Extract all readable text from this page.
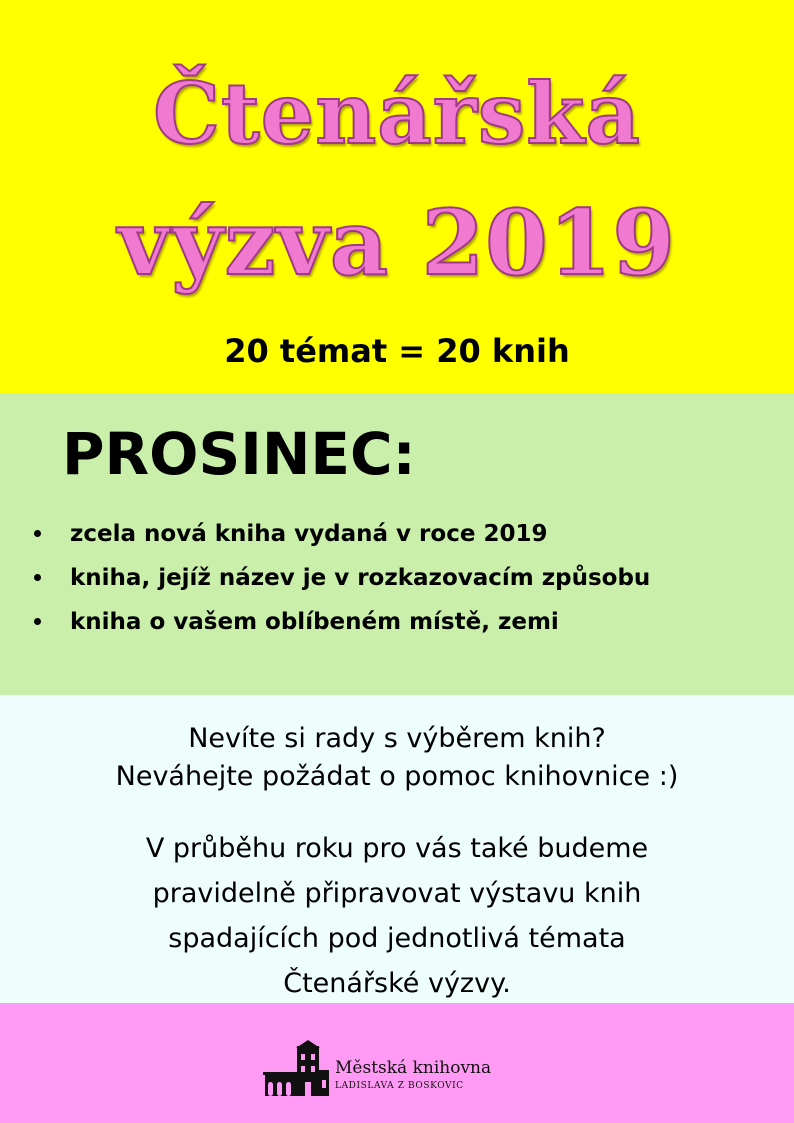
Čtenářská
výzva 2019
20 témat = 20 knih
PROSINEC:
zcela nová kniha vydaná v roce 2019
kniha, jejíž název je v rozkazovacím způsobu
kniha o vašem oblíbeném místě, zemi

Nevíte si rady s výběrem knih?

Neváhejte požádat o pomoc knihovnice :)

V průběhu roku pro vás také budeme

pravidelně připravovat výstavu knih

spadajících pod jednotlivá témata

Čtenářské výzvy.

Městská knihovna
LADISLAVA Z BOSKOVIC
